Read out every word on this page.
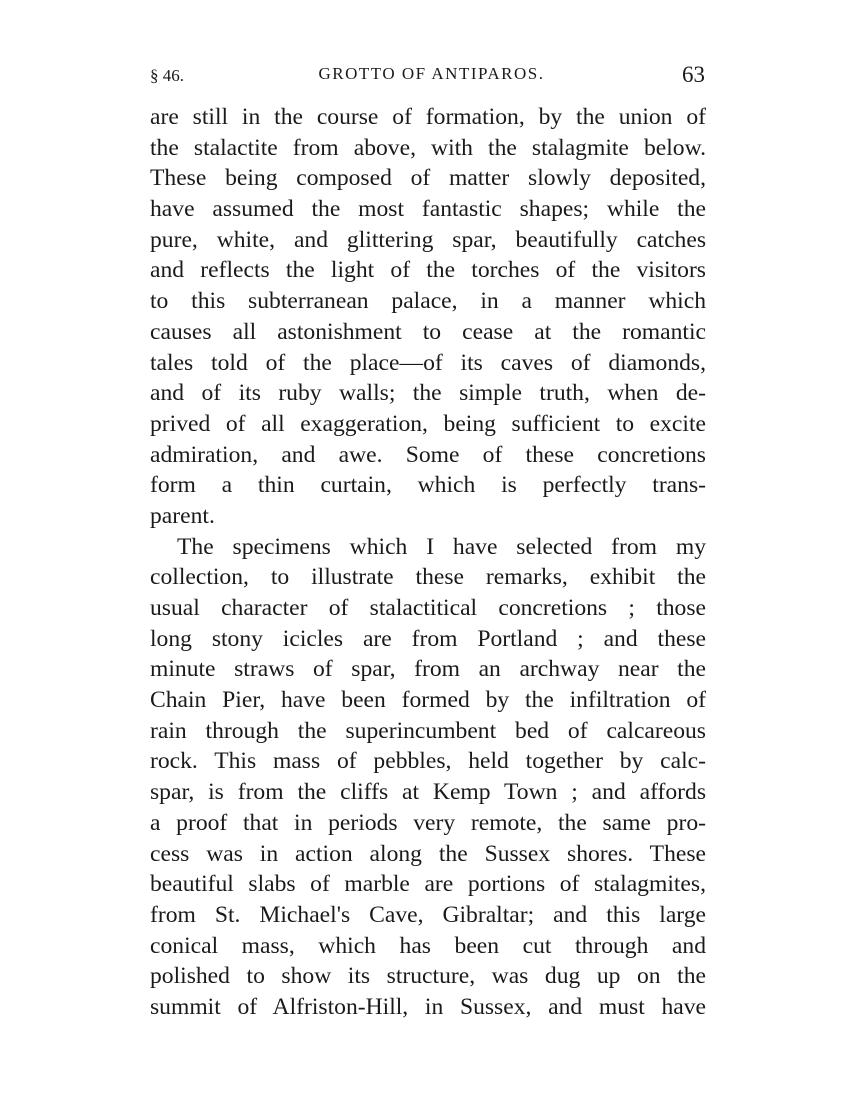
§ 46.	GROTTO OF ANTIPAROS.	63
are still in the course of formation, by the union of
the stalactite from above, with the stalagmite below.
These being composed of matter slowly deposited,
have assumed the most fantastic shapes; while the
pure, white, and glittering spar, beautifully catches
and reflects the light of the torches of the visitors
to this subterranean palace, in a manner which
causes all astonishment to cease at the romantic
tales told of the place—of its caves of diamonds,
and of its ruby walls; the simple truth, when de-
prived of all exaggeration, being sufficient to excite
admiration, and awe. Some of these concretions
form a thin curtain, which is perfectly trans-
parent.
The specimens which I have selected from my
collection, to illustrate these remarks, exhibit the
usual character of stalactitical concretions ; those
long stony icicles are from Portland ; and these
minute straws of spar, from an archway near the
Chain Pier, have been formed by the infiltration of
rain through the superincumbent bed of calcareous
rock. This mass of pebbles, held together by calc-
spar, is from the cliffs at Kemp Town ; and affords
a proof that in periods very remote, the same pro-
cess was in action along the Sussex shores. These
beautiful slabs of marble are portions of stalagmites,
from St. Michael's Cave, Gibraltar; and this large
conical mass, which has been cut through and
polished to show its structure, was dug up on the
summit of Alfriston-Hill, in Sussex, and must have
